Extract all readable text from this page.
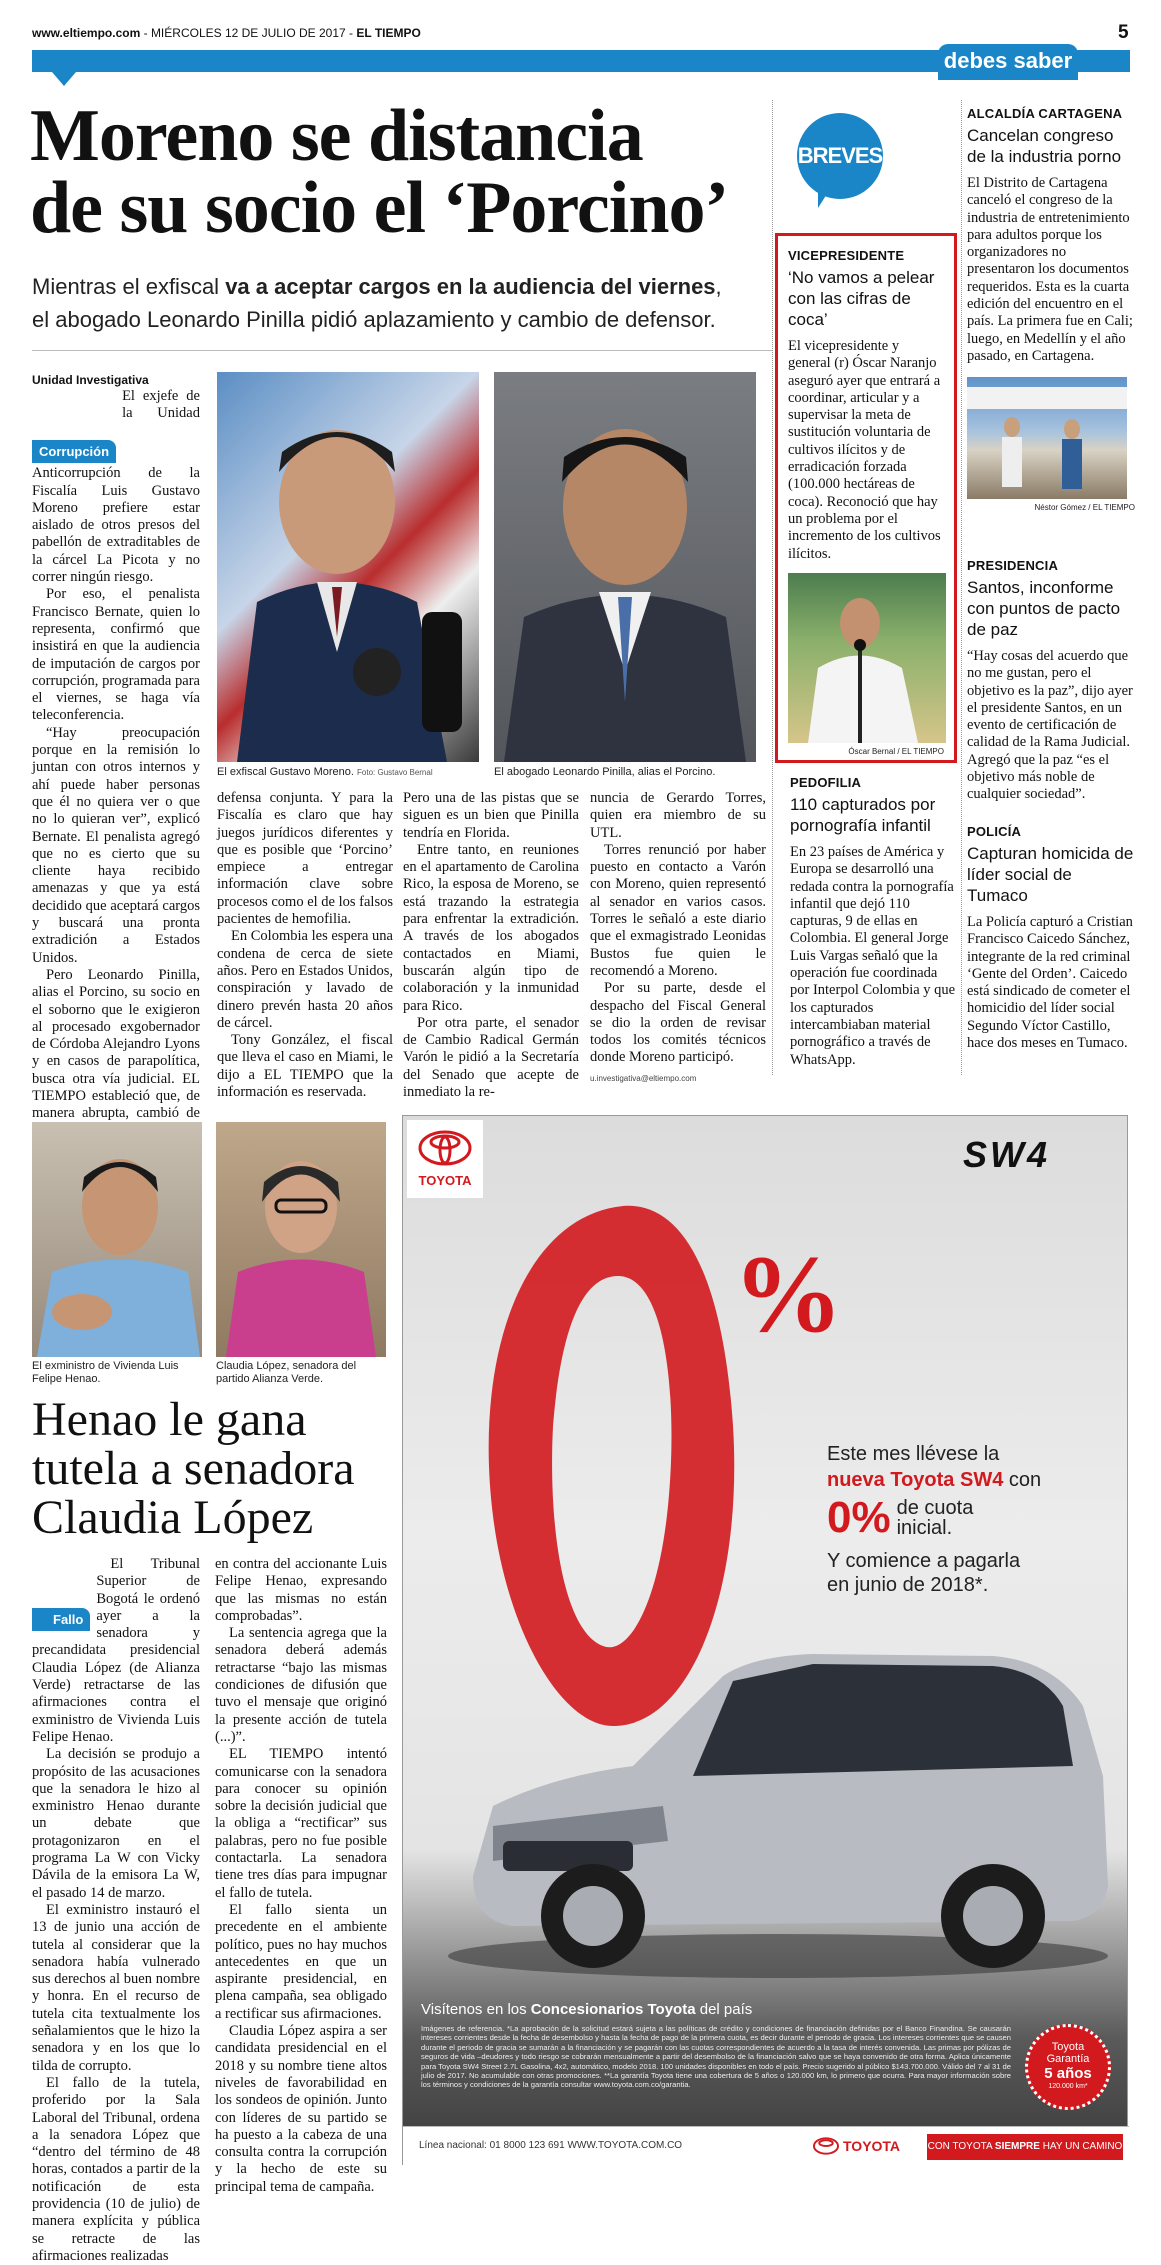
www.eltiempo.com - MIÉRCOLES 12 DE JULIO DE 2017 - EL TIEMPO	5
debes saber
Moreno se distancia
de su socio el ‘Porcino’
Mientras el exfiscal va a aceptar cargos en la audiencia del viernes,
el abogado Leonardo Pinilla pidió aplazamiento y cambio de defensor.
Unidad Investigativa

Corrupción
El exjefe de la Unidad Anticorrupción de la Fiscalía Luis Gustavo Moreno prefiere estar aislado de otros presos del pabellón de extraditables de la cárcel La Picota y no correr ningún riesgo.

Por eso, el penalista Francisco Bernate, quien lo representa, confirmó que insistirá en que la audiencia de imputación de cargos por corrupción, programada para el viernes, se haga vía teleconferencia.

“Hay preocupación porque en la remisión lo juntan con otros internos y ahí puede haber personas que él no quiera ver o que no lo quieran ver”, explicó Bernate. El penalista agregó que no es cierto que su cliente haya recibido amenazas y que ya está decidido que aceptará cargos y buscará una pronta extradición a Estados Unidos.

Pero Leonardo Pinilla, alias el Porcino, su socio en el soborno que le exigieron al procesado exgobernador de Córdoba Alejandro Lyons y en casos de parapolítica, busca otra vía judicial. EL TIEMPO estableció que, de manera abrupta, cambió de

El exfiscal Gustavo Moreno. Foto: Gustavo Bernal	El abogado Leonardo Pinilla, alias el Porcino.

defensa conjunta. Y para la Fiscalía es claro que hay juegos jurídicos diferentes y que es posible que ‘Porcino’ empiece a entregar información clave sobre procesos como el de los falsos pacientes de hemofilia.

En Colombia les espera una condena de cerca de siete años. Pero en Estados Unidos, conspiración y lavado de dinero prevén hasta 20 años de cárcel.

Tony González, el fiscal que lleva el caso en Miami, le dijo a EL TIEMPO que la información es reservada.

Pero una de las pistas que se siguen es un bien que Pinilla tendría en Florida.

Entre tanto, en reuniones en el apartamento de Carolina Rico, la esposa de Moreno, se está trazando la estrategia para enfrentar la extradición. A través de los abogados contactados en Miami, buscarán algún tipo de colaboración y la inmunidad para Rico.

Por otra parte, el senador de Cambio Radical Germán Varón le pidió a la Secretaría del Senado que acepte de inmediato la re-

nuncia de Gerardo Torres, quien era miembro de su UTL.

Torres renunció por haber puesto en contacto a Varón con Moreno, quien representó al senador en varios casos. Torres le señaló a este diario que el exmagistrado Leonidas Bustos fue quien le recomendó a Moreno.

Por su parte, desde el despacho del Fiscal General se dio la orden de revisar todos los comités técnicos donde Moreno participó.

u.investigativa@eltiempo.com

BREVES
VICEPRESIDENTE
‘No vamos a pelear con las cifras de coca’
El vicepresidente y general (r) Óscar Naranjo aseguró ayer que entrará a coordinar, articular y a supervisar la meta de sustitución voluntaria de cultivos ilícitos y de erradicación forzada (100.000 hectáreas de coca). Reconoció que hay un problema por el incremento de los cultivos ilícitos.
Óscar Bernal / EL TIEMPO
PEDOFILIA
110 capturados por pornografía infantil
En 23 países de América y Europa se desarrolló una redada contra la pornografía infantil que dejó 110 capturas, 9 de ellas en Colombia. El general Jorge Luis Vargas señaló que la operación fue coordinada por Interpol Colombia y que los capturados intercambiaban material pornográfico a través de WhatsApp.
ALCALDÍA CARTAGENA
Cancelan congreso de la industria porno
El Distrito de Cartagena canceló el congreso de la industria de entretenimiento para adultos porque los organizadores no presentaron los documentos requeridos. Esta es la cuarta edición del encuentro en el país. La primera fue en Cali; luego, en Medellín y el año pasado, en Cartagena.
Néstor Gómez / EL TIEMPO
PRESIDENCIA
Santos, inconforme con puntos de pacto de paz
“Hay cosas del acuerdo que no me gustan, pero el objetivo es la paz”, dijo ayer el presidente Santos, en un evento de certificación de calidad de la Rama Judicial. Agregó que la paz “es el objetivo más noble de cualquier sociedad”.
POLICÍA
Capturan homicida de líder social de Tumaco
La Policía capturó a Cristian Francisco Caicedo Sánchez, integrante de la red criminal ‘Gente del Orden’. Caicedo está sindicado de cometer el homicidio del líder social Segundo Víctor Castillo, hace dos meses en Tumaco.
El exministro de Vivienda Luis Felipe Henao.
Claudia López, senadora del partido Alianza Verde.
Henao le gana
tutela a senadora
Claudia López

Fallo
El Tribunal Superior de Bogotá le ordenó ayer a la senadora y precandidata presidencial Claudia López (de Alianza Verde) retractarse de las afirmaciones contra el exministro de Vivienda Luis Felipe Henao.

La decisión se produjo a propósito de las acusaciones que la senadora le hizo al exministro Henao durante un debate que protagonizaron en el programa La W con Vicky Dávila de la emisora La W, el pasado 14 de marzo.

El exministro instauró el 13 de junio una acción de tutela al considerar que la senadora había vulnerado sus derechos al buen nombre y honra. En el recurso de tutela cita textualmente los señalamientos que le hizo la senadora y en los que lo tilda de corrupto.

El fallo de la tutela, proferido por la Sala Laboral del Tribunal, ordena a la senadora López que “dentro del término de 48 horas, contados a partir de la notificación de esta providencia (10 de julio) de manera explícita y pública se retracte de las afirmaciones realizadas

en contra del accionante Luis Felipe Henao, expresando que las mismas no están comprobadas”.

La sentencia agrega que la senadora deberá además retractarse “bajo las mismas condiciones de difusión que tuvo el mensaje que originó la presente acción de tutela (...)”.

EL TIEMPO intentó comunicarse con la senadora para conocer su opinión sobre la decisión judicial que la obliga a “rectificar” sus palabras, pero no fue posible contactarla. La senadora tiene tres días para impugnar el fallo de tutela.

El fallo sienta un precedente en el ambiente político, pues no hay muchos antecedentes en que un aspirante presidencial, en plena campaña, sea obligado a rectificar sus afirmaciones.

Claudia López aspira a ser candidata presidencial en el 2018 y su nombre tiene altos niveles de favorabilidad en los sondeos de opinión. Junto con líderes de su partido se ha puesto a la cabeza de una consulta contra la corrupción y la hecho de este su principal tema de campaña.

TOYOTA
SW4
%
Este mes llévese la
nueva Toyota SW4 con
0% de cuota
inicial.
Y comience a pagarla
en junio de 2018*.
Visítenos en los Concesionarios Toyota del país
Imágenes de referencia. *La aprobación de la solicitud estará sujeta a las políticas de crédito y condiciones de financiación definidas por el Banco Finandina. Se causarán intereses corrientes desde la fecha de desembolso y hasta la fecha de pago de la primera cuota, es decir durante el periodo de gracia. Los intereses corrientes que se causen durante el periodo de gracia se sumarán a la financiación y se pagarán con las cuotas correspondientes de acuerdo a la tasa de interés convenida. Las primas por pólizas de seguros de vida –deudores y todo riesgo se cobrarán mensualmente a partir del desembolso de la financiación salvo que se haya convenido de otra forma. Aplica únicamente para Toyota SW4 Street 2.7L Gasolina, 4x2, automático, modelo 2018. 100 unidades disponibles en todo el país. Precio sugerido al público $143.700.000. Válido del 7 al 31 de julio de 2017. No acumulable con otras promociones. **La garantía Toyota tiene una cobertura de 5 años o 120.000 km, lo primero que ocurra. Para mayor información sobre los términos y condiciones de la garantía consultar www.toyota.com.co/garantia.
Toyota
Garantía
5 años
120.000 km*
Línea nacional: 01 8000 123 691 WWW.TOYOTA.COM.CO	TOYOTA	CON TOYOTA SIEMPRE HAY UN CAMINO
